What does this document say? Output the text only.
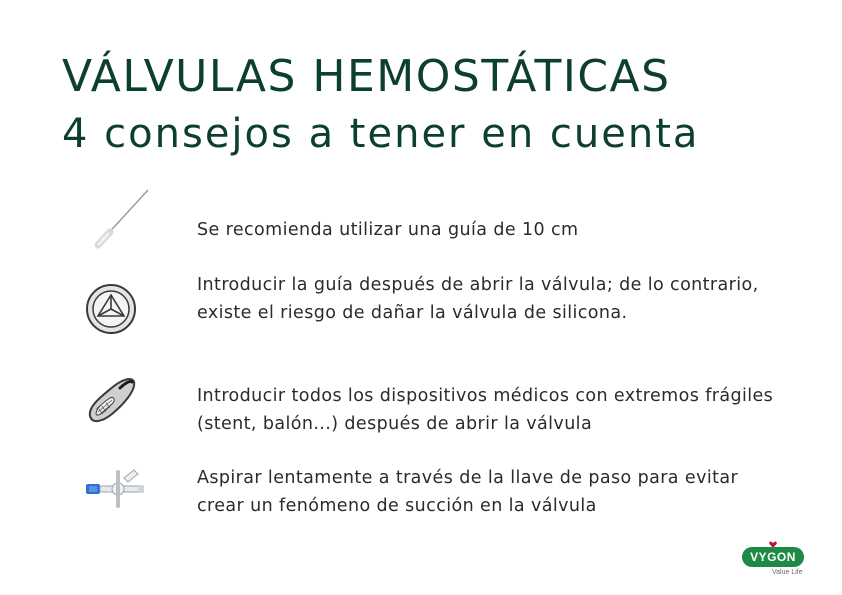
VÁLVULAS HEMOSTÁTICAS
4 consejos a tener en cuenta

Se recomienda utilizar una guía de 10 cm

Introducir la guía después de abrir la válvula; de lo contrario, existe el riesgo de dañar la válvula de silicona.

Introducir todos los dispositivos médicos con extremos frágiles (stent, balón...) después de abrir la válvula

Aspirar lentamente a través de la llave de paso para evitar crear un fenómeno de succión en la válvula

VYGON
Value Life
